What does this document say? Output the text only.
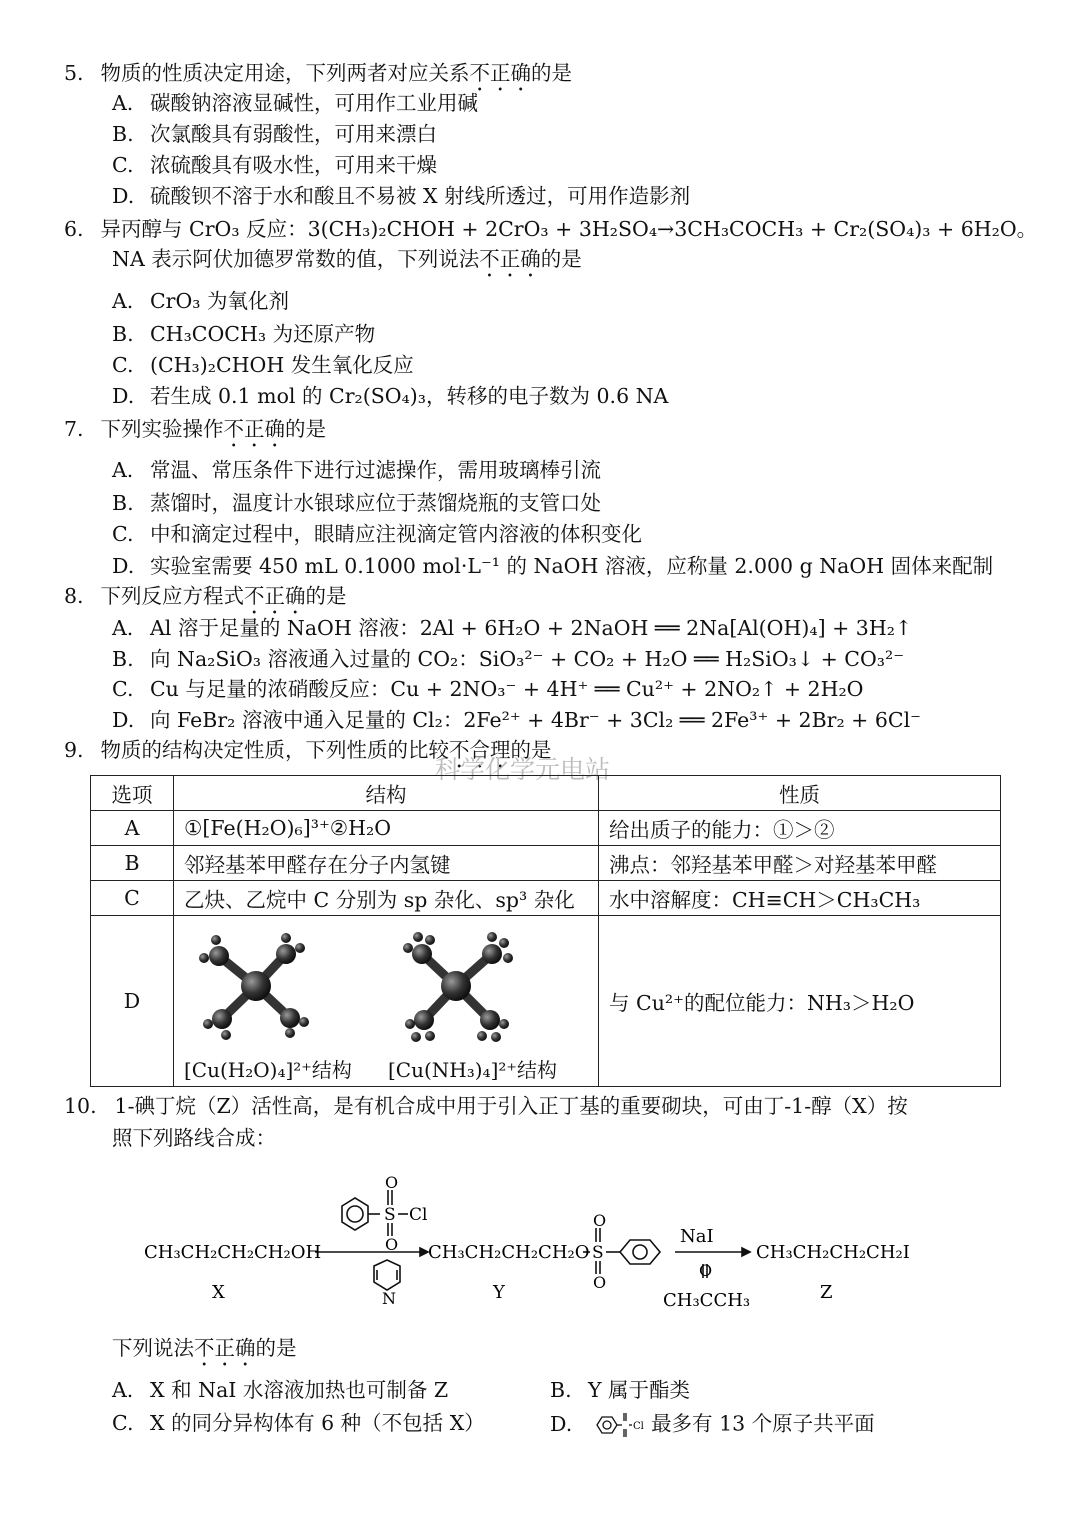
5. 物质的性质决定用途，下列两者对应关系不正确的是
A. 碳酸钠溶液显碱性，可用作工业用碱
B. 次氯酸具有弱酸性，可用来漂白
C. 浓硫酸具有吸水性，可用来干燥
D. 硫酸钡不溶于水和酸且不易被 X 射线所透过，可用作造影剂
6. 异丙醇与 CrO₃ 反应：3(CH₃)₂CHOH + 2CrO₃ + 3H₂SO₄→3CH₃COCH₃ + Cr₂(SO₄)₃ + 6H₂O。
NA 表示阿伏加德罗常数的值，下列说法不正确的是
A. CrO₃ 为氧化剂
B. CH₃COCH₃ 为还原产物
C. (CH₃)₂CHOH 发生氧化反应
D. 若生成 0.1 mol 的 Cr₂(SO₄)₃，转移的电子数为 0.6 NA
7. 下列实验操作不正确的是
A. 常温、常压条件下进行过滤操作，需用玻璃棒引流
B. 蒸馏时，温度计水银球应位于蒸馏烧瓶的支管口处
C. 中和滴定过程中，眼睛应注视滴定管内溶液的体积变化
D. 实验室需要 450 mL 0.1000 mol·L⁻¹ 的 NaOH 溶液，应称量 2.000 g NaOH 固体来配制
8. 下列反应方程式不正确的是
A. Al 溶于足量的 NaOH 溶液：2Al + 6H₂O + 2NaOH ══ 2Na[Al(OH)₄] + 3H₂↑
B. 向 Na₂SiO₃ 溶液通入过量的 CO₂：SiO₃²⁻ + CO₂ + H₂O ══ H₂SiO₃↓ + CO₃²⁻
C. Cu 与足量的浓硝酸反应：Cu + 2NO₃⁻ + 4H⁺ ══ Cu²⁺ + 2NO₂↑ + 2H₂O
D. 向 FeBr₂ 溶液中通入足量的 Cl₂：2Fe²⁺ + 4Br⁻ + 3Cl₂ ══ 2Fe³⁺ + 2Br₂ + 6Cl⁻
9. 物质的结构决定性质，下列性质的比较不合理的是
科学化学元电站
选项	结构	性质
A	①[Fe(H₂O)₆]³⁺②H₂O	给出质子的能力：①＞②
B	邻羟基苯甲醛存在分子内氢键	沸点：邻羟基苯甲醛＞对羟基苯甲醛
C	乙炔、乙烷中 C 分别为 sp 杂化、sp³ 杂化	水中溶解度：CH≡CH＞CH₃CH₃
D	[Cu(H₂O)₄]²⁺结构 [Cu(NH₃)₄]²⁺结构	与 Cu²⁺的配位能力：NH₃＞H₂O
10. 1-碘丁烷（Z）活性高，是有机合成中用于引入正丁基的重要砌块，可由丁-1-醇（X）按
照下列路线合成：
O
S Cl
O
N
CH₃CH₂CH₂CH₂OH
X
CH₃CH₂CH₂CH₂O
O
S
O
Y
NaI
O
CH₃CCH₃
CH₃CH₂CH₂CH₂I
Z
下列说法不正确的是
A. X 和 NaI 水溶液加热也可制备 Z	B. Y 属于酯类
C. X 的同分异构体有 6 种（不包括 X）	D.	Cl 最多有 13 个原子共平面
